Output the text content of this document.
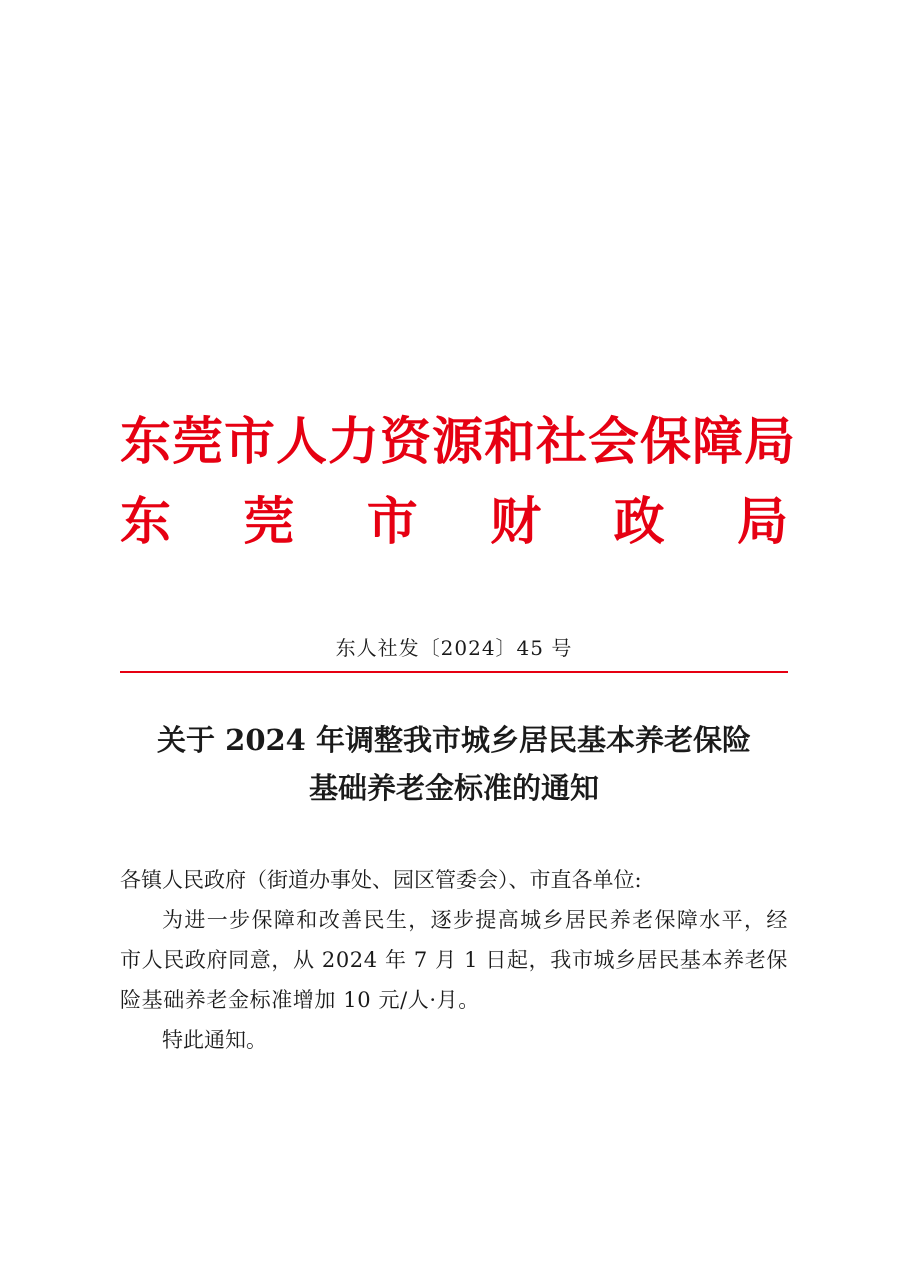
东莞市人力资源和社会保障局
东 莞 市 财 政 局
东人社发〔2024〕45 号
关于 2024 年调整我市城乡居民基本养老保险
基础养老金标准的通知

各镇人民政府（街道办事处、园区管委会）、市直各单位:

为进一步保障和改善民生，逐步提高城乡居民养老保障水平，经市人民政府同意，从 2024 年 7 月 1 日起，我市城乡居民基本养老保险基础养老金标准增加 10 元/人·月。

特此通知。
